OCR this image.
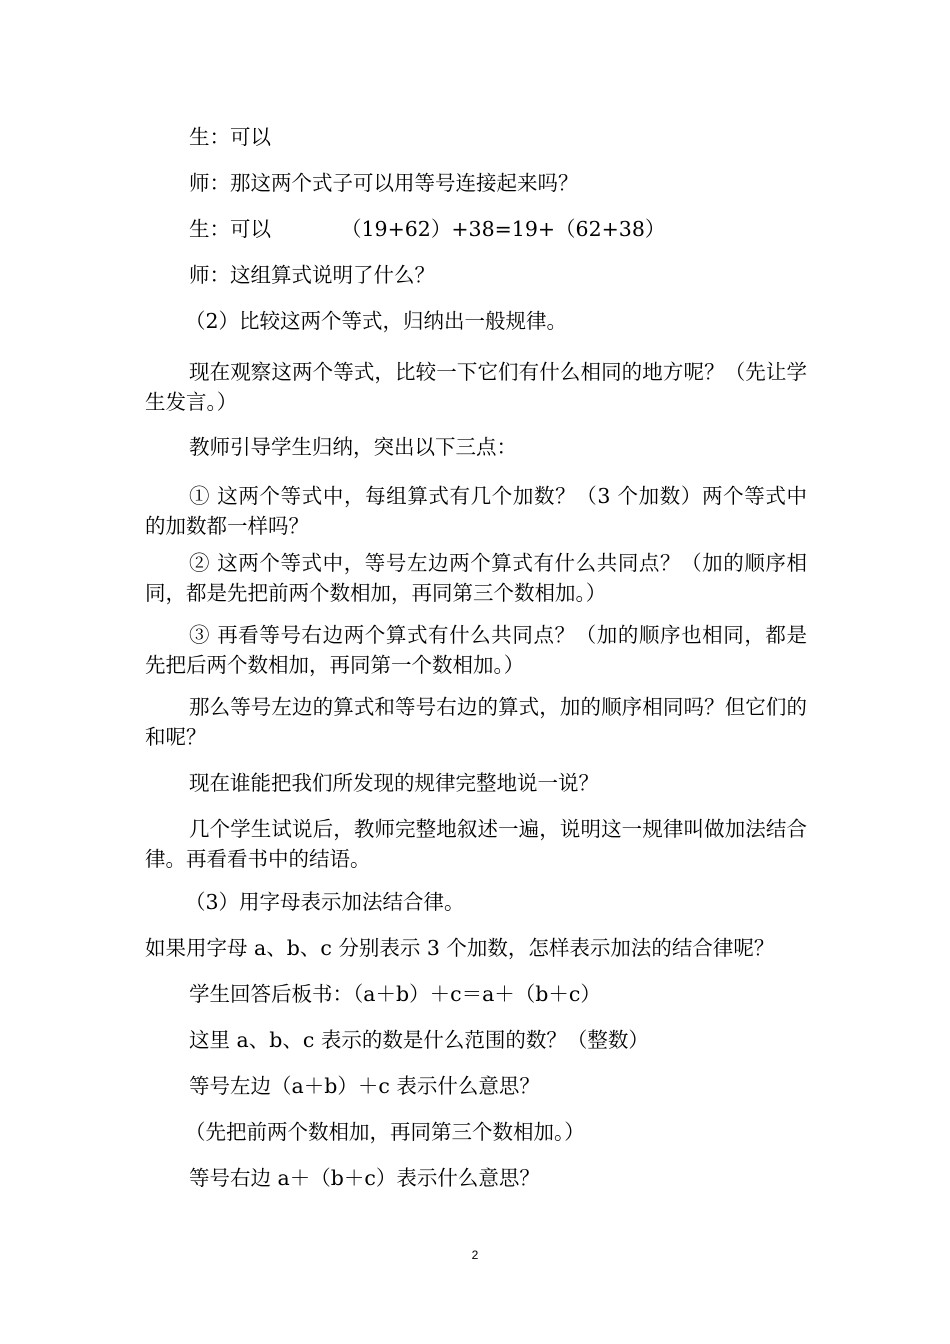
生：可以

师：那这两个式子可以用等号连接起来吗？

生：可以	（19+62）+38=19+（62+38）

师：这组算式说明了什么？

（2）比较这两个等式，归纳出一般规律。

现在观察这两个等式，比较一下它们有什么相同的地方呢？（先让学生发言。）

教师引导学生归纳，突出以下三点：

① 这两个等式中，每组算式有几个加数？（3 个加数）两个等式中的加数都一样吗？

② 这两个等式中，等号左边两个算式有什么共同点？（加的顺序相同，都是先把前两个数相加，再同第三个数相加。）

③ 再看等号右边两个算式有什么共同点？（加的顺序也相同，都是先把后两个数相加，再同第一个数相加。）

那么等号左边的算式和等号右边的算式，加的顺序相同吗？但它们的和呢？

现在谁能把我们所发现的规律完整地说一说？

几个学生试说后，教师完整地叙述一遍，说明这一规律叫做加法结合律。再看看书中的结语。

（3）用字母表示加法结合律。

如果用字母 a、b、c 分别表示 3 个加数，怎样表示加法的结合律呢？

学生回答后板书：（a＋b）＋c＝a＋（b＋c）

这里 a、b、c 表示的数是什么范围的数？（整数）

等号左边（a＋b）＋c 表示什么意思？

（先把前两个数相加，再同第三个数相加。）

等号右边 a＋（b＋c）表示什么意思？

2
